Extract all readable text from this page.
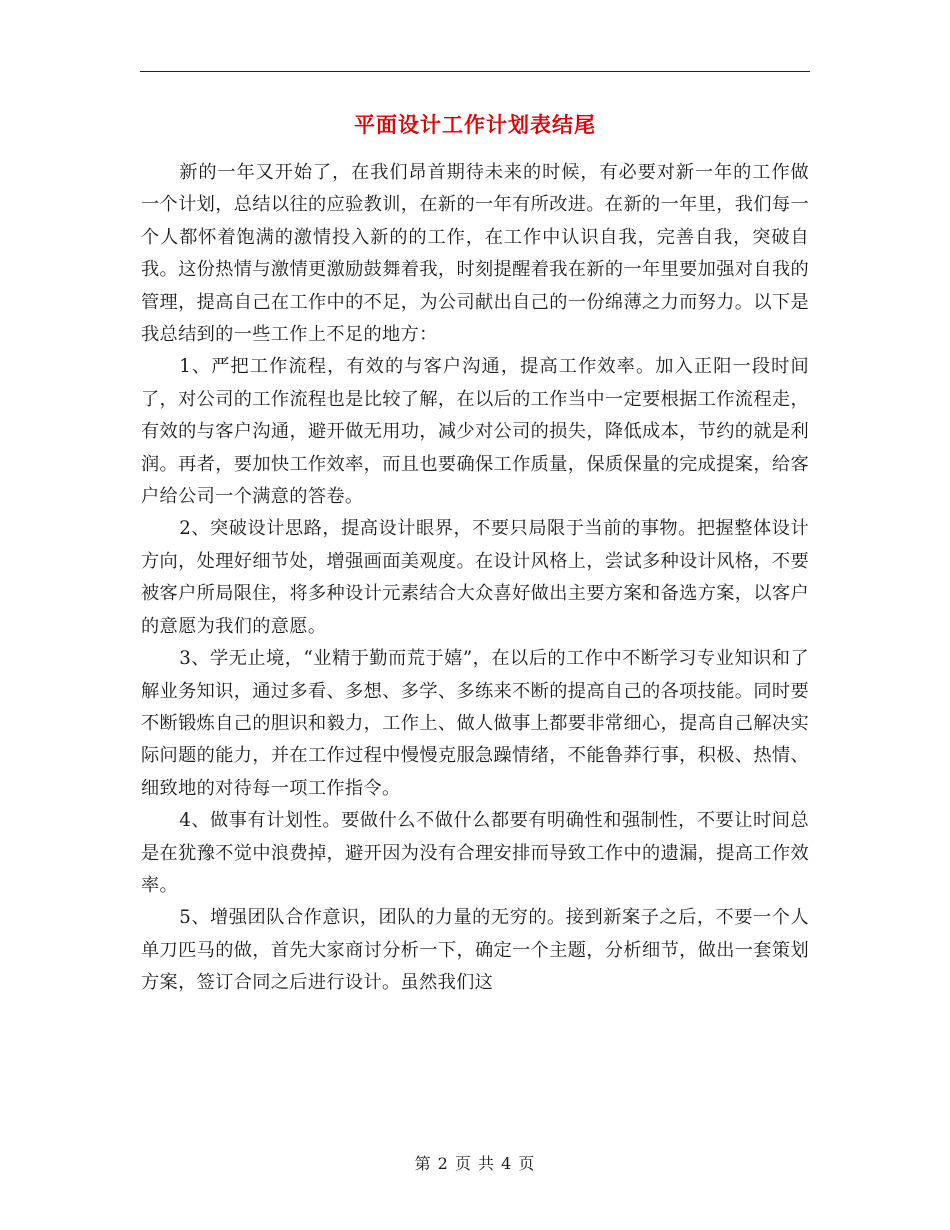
平面设计工作计划表结尾

新的一年又开始了，在我们昂首期待未来的时候，有必要对新一年的工作做一个计划，总结以往的应验教训，在新的一年有所改进。在新的一年里，我们每一个人都怀着饱满的激情投入新的的工作，在工作中认识自我，完善自我，突破自我。这份热情与激情更激励鼓舞着我，时刻提醒着我在新的一年里要加强对自我的管理，提高自己在工作中的不足，为公司献出自己的一份绵薄之力而努力。以下是我总结到的一些工作上不足的地方：

1、严把工作流程，有效的与客户沟通，提高工作效率。加入正阳一段时间了，对公司的工作流程也是比较了解，在以后的工作当中一定要根据工作流程走，有效的与客户沟通，避开做无用功，减少对公司的损失，降低成本，节约的就是利润。再者，要加快工作效率，而且也要确保工作质量，保质保量的完成提案，给客户给公司一个满意的答卷。

2、突破设计思路，提高设计眼界，不要只局限于当前的事物。把握整体设计方向，处理好细节处，增强画面美观度。在设计风格上，尝试多种设计风格，不要被客户所局限住，将多种设计元素结合大众喜好做出主要方案和备选方案，以客户的意愿为我们的意愿。

3、学无止境，“业精于勤而荒于嬉”，在以后的工作中不断学习专业知识和了解业务知识，通过多看、多想、多学、多练来不断的提高自己的各项技能。同时要不断锻炼自己的胆识和毅力，工作上、做人做事上都要非常细心，提高自己解决实际问题的能力，并在工作过程中慢慢克服急躁情绪，不能鲁莽行事，积极、热情、细致地的对待每一项工作指令。

4、做事有计划性。要做什么不做什么都要有明确性和强制性，不要让时间总是在犹豫不觉中浪费掉，避开因为没有合理安排而导致工作中的遗漏，提高工作效率。

5、增强团队合作意识，团队的力量的无穷的。接到新案子之后，不要一个人单刀匹马的做，首先大家商讨分析一下，确定一个主题，分析细节，做出一套策划方案，签订合同之后进行设计。虽然我们这

第 2 页 共 4 页
